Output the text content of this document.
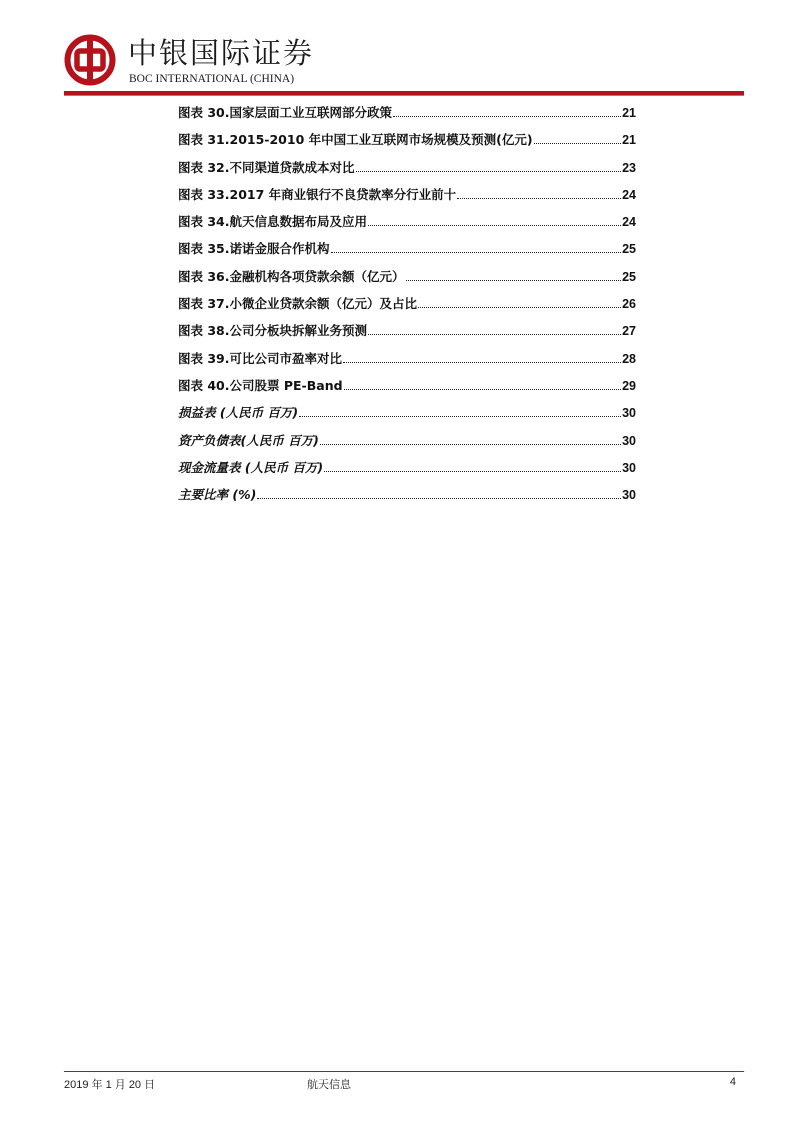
中银国际证券
BOC INTERNATIONAL (CHINA)
图表 30. 国家层面工业互联网部分政策	21
图表 31. 2015-2010 年中国工业互联网市场规模及预测(亿元)	21
图表 32. 不同渠道贷款成本对比	23
图表 33. 2017 年商业银行不良贷款率分行业前十	24
图表 34. 航天信息数据布局及应用	24
图表 35. 诺诺金服合作机构	25
图表 36. 金融机构各项贷款余额（亿元）	25
图表 37. 小微企业贷款余额（亿元）及占比	26
图表 38. 公司分板块拆解业务预测	27
图表 39. 可比公司市盈率对比	28
图表 40. 公司股票 PE-Band	29
损益表 (人民币 百万)	30
资产负债表(人民币 百万)	30
现金流量表 (人民币 百万)	30
主要比率 (%)	30
2019 年 1 月 20 日	航天信息	4
